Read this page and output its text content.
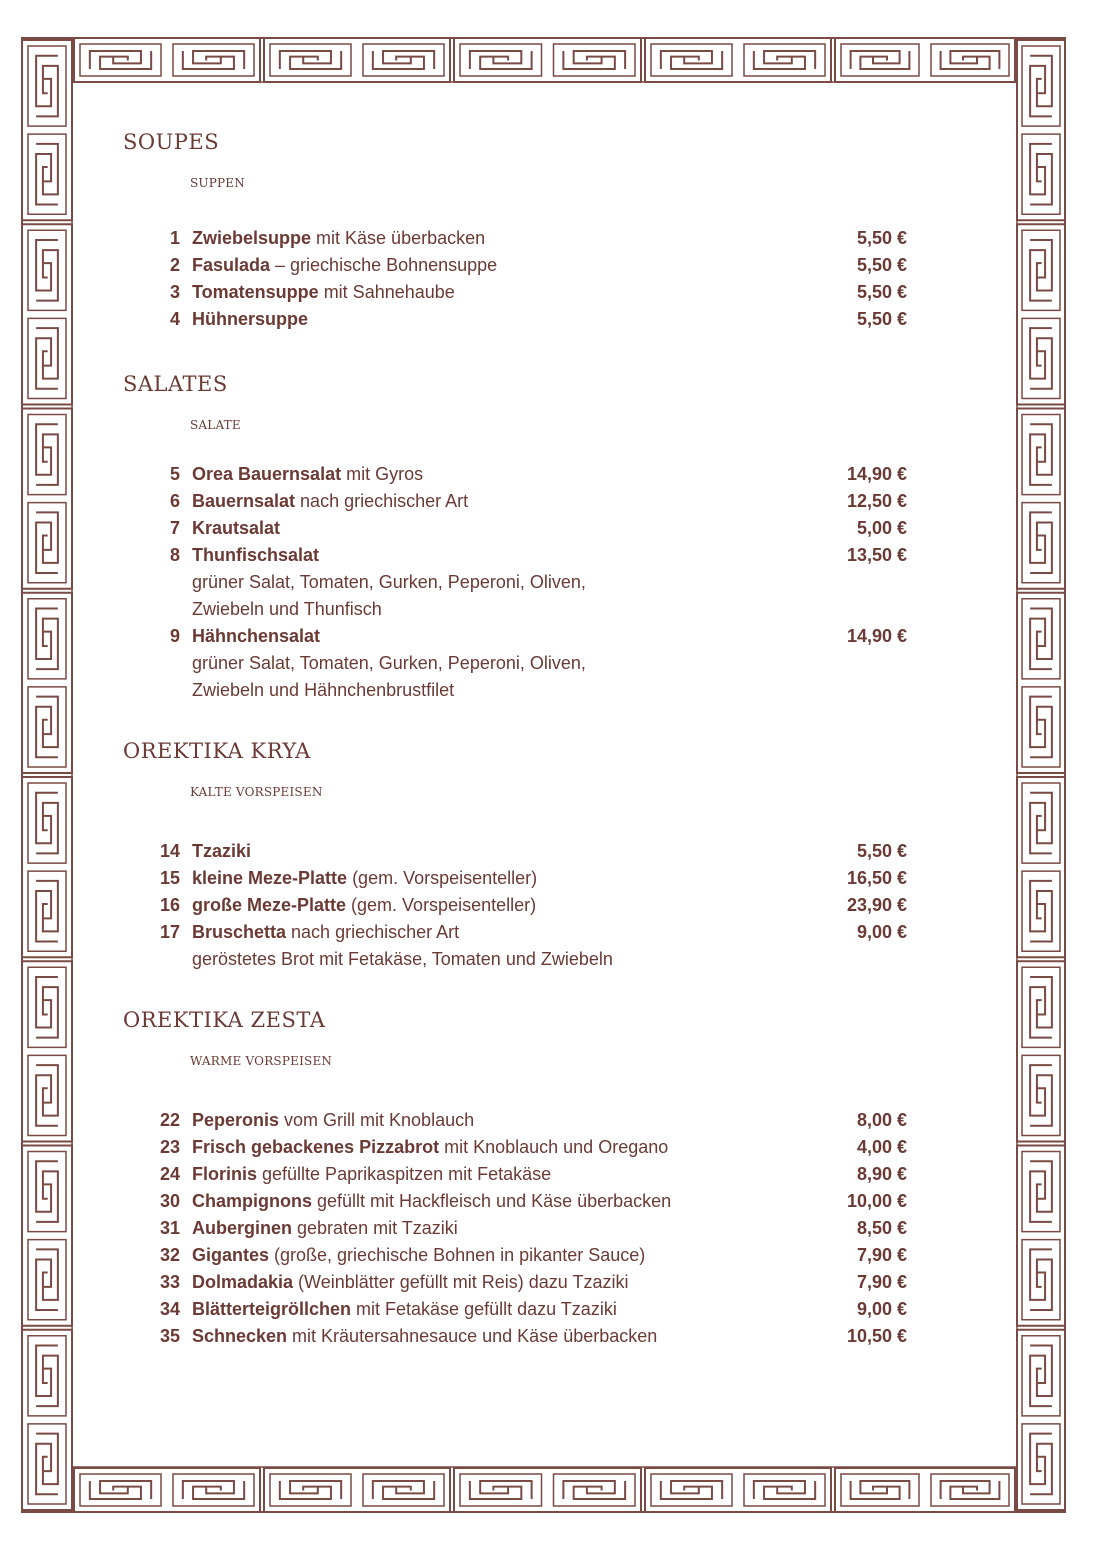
SOUPES
SUPPEN
1 Zwiebelsuppe mit Käse überbacken	5,50 €
2 Fasulada – griechische Bohnensuppe	5,50 €
3 Tomatensuppe mit Sahnehaube	5,50 €
4 Hühnersuppe	5,50 €
SALATES
SALATE
5 Orea Bauernsalat mit Gyros	14,90 €
6 Bauernsalat nach griechischer Art	12,50 €
7 Krautsalat	5,00 €
8 Thunfischsalat	13,50 €
grüner Salat, Tomaten, Gurken, Peperoni, Oliven,
Zwiebeln und Thunfisch
9 Hähnchensalat	14,90 €
grüner Salat, Tomaten, Gurken, Peperoni, Oliven,
Zwiebeln und Hähnchenbrustfilet
OREKTIKA KRYA
KALTE VORSPEISEN
14 Tzaziki	5,50 €
15 kleine Meze-Platte (gem. Vorspeisenteller)	16,50 €
16 große Meze-Platte (gem. Vorspeisenteller)	23,90 €
17 Bruschetta nach griechischer Art	9,00 €
geröstetes Brot mit Fetakäse, Tomaten und Zwiebeln
OREKTIKA ZESTA
WARME VORSPEISEN
22 Peperonis vom Grill mit Knoblauch	8,00 €
23 Frisch gebackenes Pizzabrot mit Knoblauch und Oregano	4,00 €
24 Florinis gefüllte Paprikaspitzen mit Fetakäse	8,90 €
30 Champignons gefüllt mit Hackfleisch und Käse überbacken	10,00 €
31 Auberginen gebraten mit Tzaziki	8,50 €
32 Gigantes (große, griechische Bohnen in pikanter Sauce)	7,90 €
33 Dolmadakia (Weinblätter gefüllt mit Reis) dazu Tzaziki	7,90 €
34 Blätterteigröllchen mit Fetakäse gefüllt dazu Tzaziki	9,00 €
35 Schnecken mit Kräutersahnesauce und Käse überbacken	10,50 €
